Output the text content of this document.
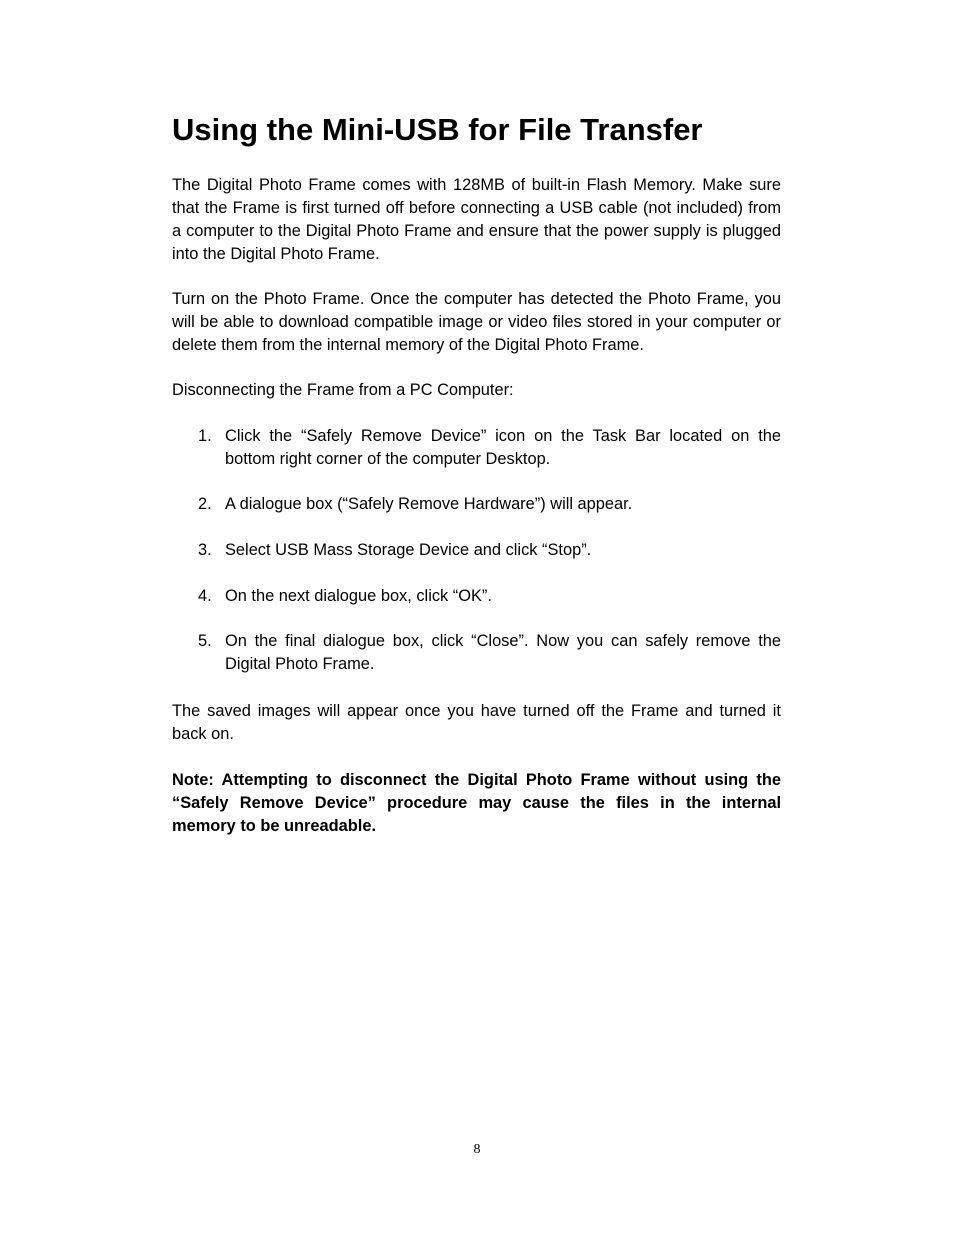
Using the Mini-USB for File Transfer

The Digital Photo Frame comes with 128MB of built-in Flash Memory. Make sure that the Frame is first turned off before connecting a USB cable (not included) from a computer to the Digital Photo Frame and ensure that the power supply is plugged into the Digital Photo Frame.

Turn on the Photo Frame. Once the computer has detected the Photo Frame, you will be able to download compatible image or video files stored in your computer or delete them from the internal memory of the Digital Photo Frame.

Disconnecting the Frame from a PC Computer:

1. Click the “Safely Remove Device” icon on the Task Bar located on the bottom right corner of the computer Desktop.
2. A dialogue box (“Safely Remove Hardware”) will appear.
3. Select USB Mass Storage Device and click “Stop”.
4. On the next dialogue box, click “OK”.
5. On the final dialogue box, click “Close”. Now you can safely remove the Digital Photo Frame.

The saved images will appear once you have turned off the Frame and turned it back on.

Note: Attempting to disconnect the Digital Photo Frame without using the “Safely Remove Device” procedure may cause the files in the internal memory to be unreadable.

8
